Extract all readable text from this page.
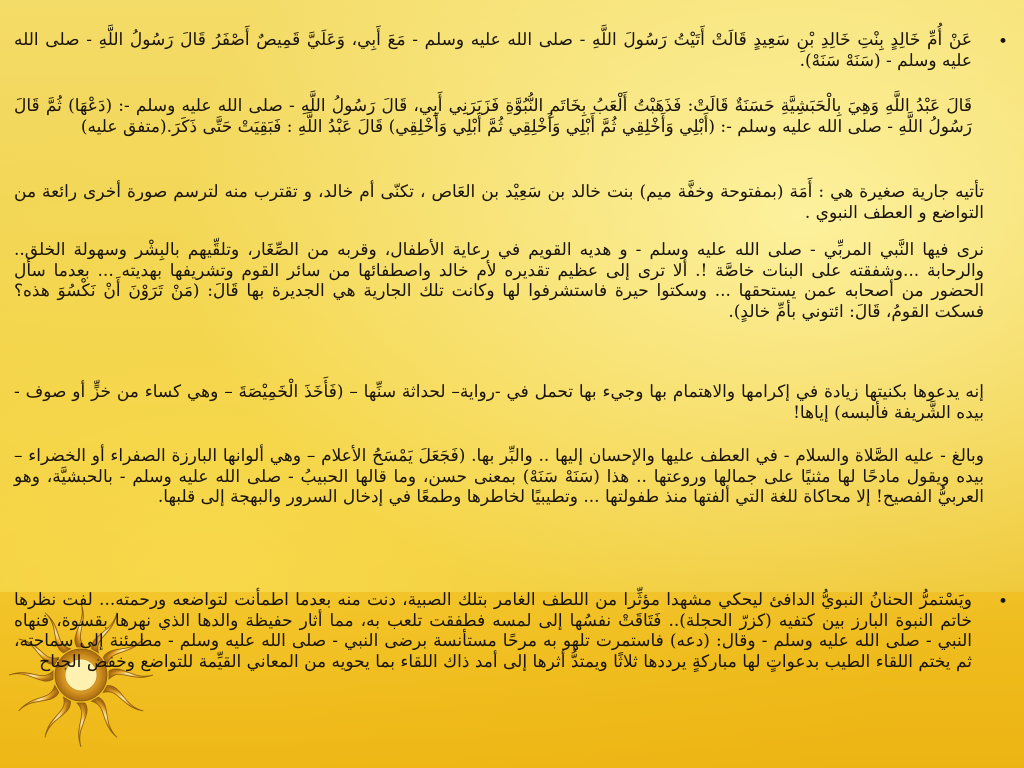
•
عَنْ أُمِّ خَالِدٍ بِنْتِ خَالِدِ بْنِ سَعِيدٍ قَالَتْ أَتَيْتُ رَسُولَ اللَّهِ - صلى الله عليه وسلم - مَعَ أَبِي، وَعَلَيَّ قَمِيصٌ أَصْفَرُ قَالَ رَسُولُ اللَّهِ - صلى الله عليه وسلم - (سَنَهْ سَنَهْ).
قَالَ عَبْدُ اللَّهِ وَهِيَ بِالْحَبَشِيَّةِ حَسَنَةٌ قَالَتْ: فَذَهَبْتُ أَلْعَبُ بِخَاتَمِ النُّبُوَّةِ فَزَبَرَنِي أَبِي، قَالَ رَسُولُ اللَّهِ - صلى الله عليه وسلم -: (دَعْهَا) ثُمَّ قَالَ رَسُولُ اللَّهِ - صلى الله عليه وسلم -: (أَبْلِي وَأَخْلِقِي ثُمَّ أَبْلِي وَأَخْلِقِي ثُمَّ أَبْلِي وَأَخْلِقِي) قَالَ عَبْدُ اللَّهِ : فَبَقِيَتْ حَتَّى ذَكَرَ.(متفق عليه)
تأتيه جارية صغيرة هي : أَمَة (بمفتوحة وخفَّة ميم) بنت خالد بن سَعِيْد بن العَاص ، تكنّى أم خالد، و تقترب منه لترسم صورة أخرى رائعة من التواضع و العطف النبوي .
نرى فيها النَّبي المربِّي - صلى الله عليه وسلم - و هديه القويم في رعاية الأطفال، وقربه من الصِّغَار، وتلقِّيهم بالبِشْر وسهولة الخلق.. والرحابة ...وشفقته على البنات خاصَّة !. ألا ترى إلى عظيم تقديره لأم خالد واصطفائها من سائر القوم وتشريفها بهديته ... بعدما سأل الحضور من أصحابه عمن يستحقها ... وسكتوا حيرة فاستشرفوا لها وكانت تلك الجارية هي الجديرة بها قَالَ: (مَنْ تَرَوْنَ أَنْ نَكْسُوَ هذه؟ فسكت القومُ، قَالَ: ائتوني بأمِّ خالدٍ).
إنه يدعوها بكنيتها زيادة في إكرامها والاهتمام بها وجيء بها تحمل في -رواية– لحداثة سنِّها – (فَأَخَذَ الْخَمِيْصَةَ – وهي كساء من خزٍّ أو صوف - بيده الشَّريفة فألبسه) إياها!
وبالغ - عليه الصَّلاة والسلام - في العطف عليها والإحسان إليها .. والبِّر بها. (فَجَعَلَ يَمْسَحُ الأعلام – وهي ألوانها البارزة الصفراء أو الخضراء – بيده ويقول مادحًا لها مثنيًا على جمالها وروعتها .. هذا (سَنَهْ سَنَهْ) بمعنى حسن، وما قالها الحبيبُ - صلى الله عليه وسلم - بالحبشيَّة، وهو العربيُّ الفصيح! إلا محاكاة للغة التي ألفتها منذ طفولتها ... وتطيبيًا لخاطرها وطمعًا في إدخال السرور والبهجة إلى قلبها.
•
ويَسْتمرُّ الحنانُ النبويُّ الدافئ ليحكي مشهدا مؤثِّرا من اللطف الغامر بتلك الصبية، دنت منه بعدما اطمأنت لتواضعه ورحمته... لفت نظرها خاتم النبوة البارز بين كتفيه (كزرّ الحجلة).. فَتَاقَتْ نفسُها إلى لمسه فطفقت تلعب به، مما أثار حفيظة والدها الذي نهرها بقسوة، فنهاه النبي - صلى الله عليه وسلم - وقال: (دعه) فاستمرت تلهو به مرحًا مستأنسة برضى النبي - صلى الله عليه وسلم - مطمئنة إلى سماحته، ثم يختم اللقاء الطيب بدعواتٍ لها مباركةٍ يرددها ثلاثًا ويمتدُّ أثرها إلى أمد ذاك اللقاء بما يحويه من المعاني القيِّمة للتواضع وخفض الجناح
